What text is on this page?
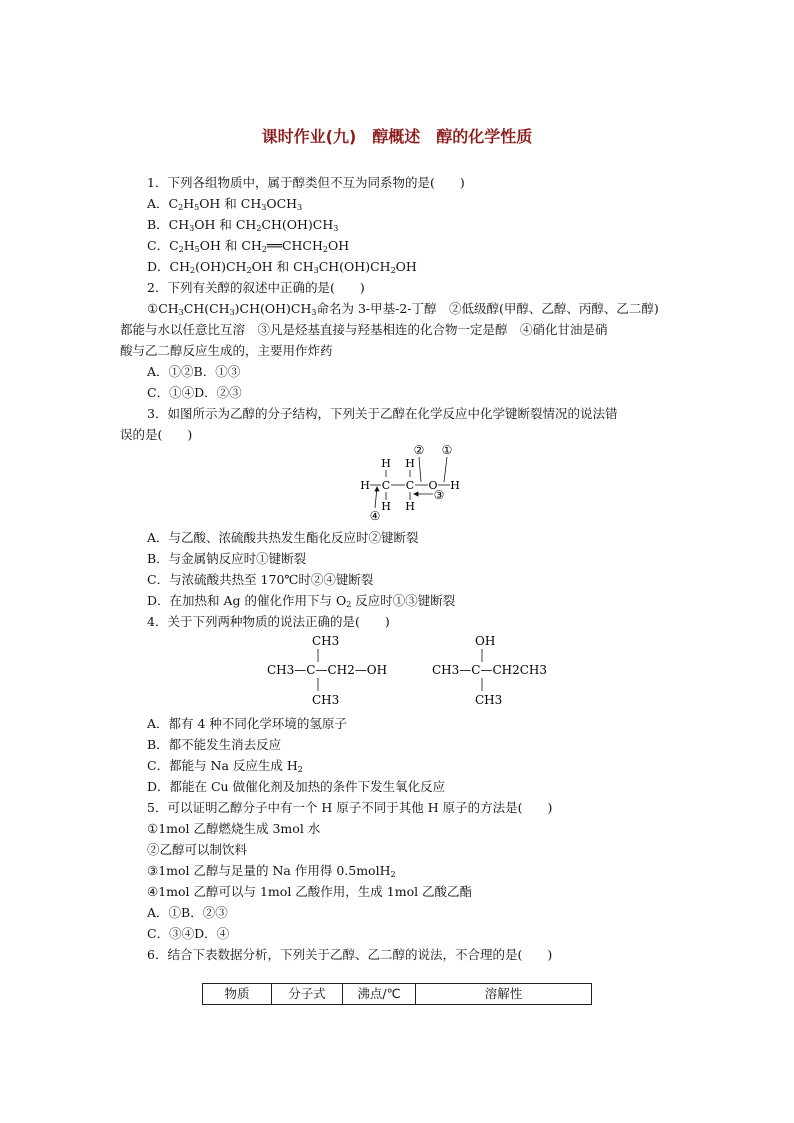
课时作业(九)　醇概述　醇的化学性质
1．下列各组物质中，属于醇类但不互为同系物的是(　　)
A．$C_2H_5OH$ 和 $CH_3OCH_3$
B．$CH_3OH$ 和 $CH_2CH(OH)CH_3$
C．$C_2H_5OH$ 和 $CH_2══CHCH_2OH$
D．$CH_2(OH)CH_2OH$ 和 $CH_3CH(OH)CH_2OH$
2．下列有关醇的叙述中正确的是(　　)
$①CH_3CH(CH_3)CH(OH)CH_3$命名为 3-甲基-2-丁醇　②低级醇(甲醇、乙醇、丙醇、乙二醇)
都能与水以任意比互溶　③凡是烃基直接与羟基相连的化合物一定是醇　④硝化甘油是硝
酸与乙二醇反应生成的，主要用作炸药
A．①②B．①③
C．①④D．②③
3．如图所示为乙醇的分子结构，下列关于乙醇在化学反应中化学键断裂情况的说法错
误的是(　　)
② ①
③
④
H H
H C
H H
C O H
A．与乙酸、浓硫酸共热发生酯化反应时②键断裂
B．与金属钠反应时①键断裂
C．与浓硫酸共热至 170℃时②④键断裂
D．在加热和 Ag 的催化作用下与 $O_2$ 反应时①③键断裂
4．关于下列两种物质的说法正确的是(　　)
CH3
CH3—C—CH2—OH
CH3
OH
CH3—C—CH2CH3
CH3
A．都有 4 种不同化学环境的氢原子
B．都不能发生消去反应
C．都能与 Na 反应生成 $H_2$
D．都能在 Cu 做催化剂及加热的条件下发生氧化反应
5．可以证明乙醇分子中有一个 H 原子不同于其他 H 原子的方法是(　　)
①1mol 乙醇燃烧生成 3mol 水
②乙醇可以制饮料
③1mol 乙醇与足量的 Na 作用得 0.5molH$_2$
④1mol 乙醇可以与 1mol 乙酸作用，生成 1mol 乙酸乙酯
A．①B．②③
C．③④D．④
6．结合下表数据分析，下列关于乙醇、乙二醇的说法，不合理的是(　　)
物质	分子式	沸点/℃	溶解性
